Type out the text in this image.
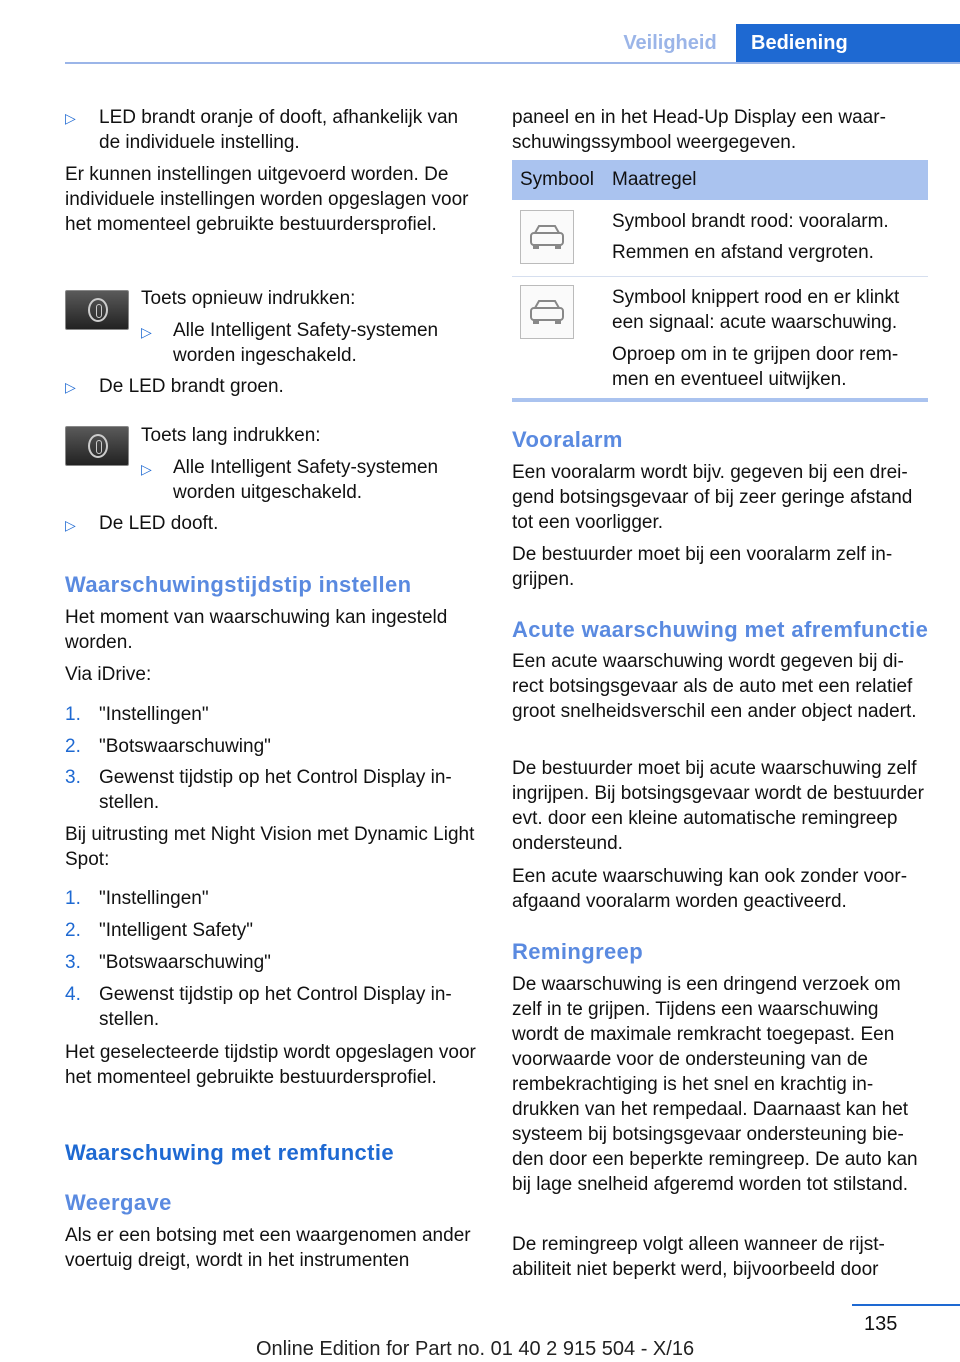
Veiligheid	Bediening
▷ LED brandt oranje of dooft, afhankelijk van de individuele instelling.

Er kunnen instellingen uitgevoerd worden. De individuele instellingen worden opgeslagen voor het momenteel gebruikte bestuurdersprofiel.

Toets opnieuw indrukken:

▷ Alle Intelligent Safety-systemen worden ingeschakeld.

▷ De LED brandt groen.

Toets lang indrukken:

▷ Alle Intelligent Safety-systemen worden uitgeschakeld.

▷ De LED dooft.

Waarschuwingstijdstip instellen

Het moment van waarschuwing kan ingesteld worden.

Via iDrive:

1. "Instellingen"

2. "Botswaarschuwing"

3. Gewenst tijdstip op het Control Display instellen.

Bij uitrusting met Night Vision met Dynamic Light Spot:

1. "Instellingen"

2. "Intelligent Safety"

3. "Botswaarschuwing"

4. Gewenst tijdstip op het Control Display instellen.

Het geselecteerde tijdstip wordt opgeslagen voor het momenteel gebruikte bestuurdersprofiel.

Waarschuwing met remfunctie
Weergave

Als er een botsing met een waargenomen ander voertuig dreigt, wordt in het instrumenten

paneel en in het Head-Up Display een waarschuwingssymbool weergegeven.

Symbool Maatregel

Symbool brandt rood: vooralarm.

Remmen en afstand vergroten.

Symbool knippert rood en er klinkt een signaal: acute waarschuwing.

Oproep om in te grijpen door remmen en eventueel uitwijken.

Vooralarm

Een vooralarm wordt bijv. gegeven bij een dreigend botsingsgevaar of bij zeer geringe afstand tot een voorligger.

De bestuurder moet bij een vooralarm zelf ingrijpen.

Acute waarschuwing met afremfunctie

Een acute waarschuwing wordt gegeven bij direct botsingsgevaar als de auto met een relatief groot snelheidsverschil een ander object nadert.

De bestuurder moet bij acute waarschuwing zelf ingrijpen. Bij botsingsgevaar wordt de bestuurder evt. door een kleine automatische remingreep ondersteund.

Een acute waarschuwing kan ook zonder voorafgaand vooralarm worden geactiveerd.

Remingreep

De waarschuwing is een dringend verzoek om zelf in te grijpen. Tijdens een waarschuwing wordt de maximale remkracht toegepast. Een voorwaarde voor de ondersteuning van de rembekrachtiging is het snel en krachtig indrukken van het rempedaal. Daarnaast kan het systeem bij botsingsgevaar ondersteuning bieden door een beperkte remingreep. De auto kan bij lage snelheid afgeremd worden tot stilstand.

De remingreep volgt alleen wanneer de rijstabiliteit niet beperkt werd, bijvoorbeeld door

135
Online Edition for Part no. 01 40 2 915 504 - X/16
